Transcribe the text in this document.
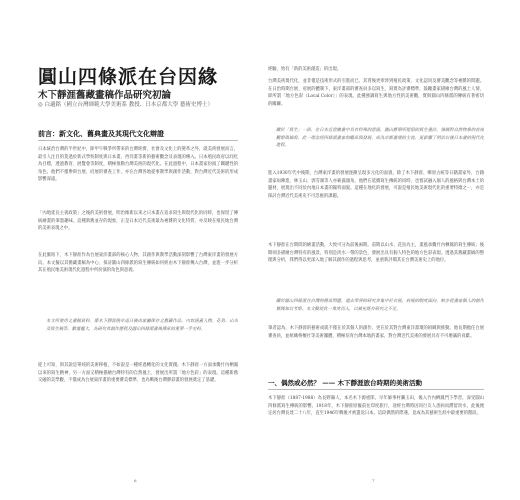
圓山四條派在台因緣
木下靜涯舊藏畫稿作品研究初論
◎ 白適銘（國立台灣師範大學美術系 教授、日本京都大學 藝術史博士）
前言：新文化、舊典畫及其現代文化辯證
日本統治台灣的半世紀中，除甲午戰爭所帶來的台灣經濟、社會及文化上的變革之外，就美術發展而言，最引人注目的莫過於新式學校制度與日本畫、西洋畫等新的藝術觀念及表現的傳入。日本殖民政府以同化為目標，透過教育、展覽會等制度，積極推動台灣美術的現代化。在此過程中，日本畫家扮演了關鍵性的角色，他們不僅參與台展、府展的審查工作，亦在台灣各地從事教學與創作活動，對台灣近代美術的形成影響深遠。
「內地延長主義政策」之後的美術發展，明治維新以來之日本畫在追求寫生與現代化的同時，也保留了傳統繪畫的筆墨趣味。這種新舊並存的現象，正是日本近代美術最為複雜的文化特質，亦反映在殖民地台灣的美術表現之中。
在此脈絡下，木下靜涯作為台展東洋畫部的核心人物，其創作與教學活動深刻影響了台灣東洋畫的發展方向。本文擬以其舊藏畫稿為中心，探討圓山四條派的寫生傳統如何經由木下靜涯傳入台灣，並進一步分析其在殖民地美術現代化過程中所扮演的角色與意義。
本文所使用之畫稿資料，係木下靜涯晚年返日後由家屬保存之舊藏作品，內容涵蓋人物、花鳥、山水及寫生稿等，數量龐大，為研究其創作歷程及圓山四條派畫風傳承的重要一手史料。
從上可知，與其說是單純的美術移植，不如說是一種經過轉化的文化實踐。木下靜涯一方面承襲竹內栖鳳以來的寫生精神，另一方面又積極描繪台灣特有的自然風土，發展出所謂「地方色彩」的表現。這種新舊交融的美學觀，不僅成為台展東洋畫的重要審美標準，也為戰後台灣膠彩畫的發展奠定了基礎。
6
經驗，始有「新的美術創造」的出現。
台灣美術現代化，並非僅是技術形式的引進而已，其背後更牽涉到殖民政策、文化認同及審美觀念等複雜的問題。在日治時期台展、府展的體制下，東洋畫部的審查員多以寫生、寫實為評審標準，鼓勵畫家描繪台灣的風土人情，即所謂「地方色彩（Local Color）」的表現。此種強調寫生與地方性的美術觀，實與圓山四條派的傳統有著密切的關聯。
關於「寫生」一語，在日本近世繪畫中具有特殊的意涵，圓山應舉所提倡的寫生畫法，強調對自然物象的直接觀察與描寫，此一理念經四條派畫家的繼承與發展，成為京都畫壇的主流，更影響了明治以後日本畫的現代化進程。
進入1930年代中後期，台灣東洋畫的發展逐漸呈現多元化的面貌，除了木下靜涯、鄉原古統等日籍畫家外，台籍畫家如陳進、林玉山、郭雪湖等人亦嶄露頭角，他們在延續寫生傳統的同時，也嘗試融入個人的風格與台灣本土的題材，展現出不同於內地日本畫的獨特面貌。這種在地化的發展，可說是殖民地美術現代化的重要特徵之一，亦是探討台灣近代美術史不可忽視的課題。
木下靜涯在台期間的繪畫活動，大致可分為前後兩期。前期以山水、花鳥為主，畫風承襲竹內栖鳳的寫生傳統；後期則多描繪台灣特有的風景，特別是淡水一帶的景色，發展出具有個人特色的地方色彩表現。透過其舊藏畫稿的整理與分析，我們得以更深入地了解其創作的過程與思考，並重新評價其在台灣美術史上的地位。
關於圓山四條派在台灣的傳承問題，過去學界的研究多集中於台展、府展的制度面向，較少從畫家個人的創作實踐加以考察。本文擬從此一角度切入，以補充既有研究之不足。
筆者認為，木下靜涯的藝術成就不僅在於其個人的創作，更在於其對台灣東洋畫壇的組織與推動。他長期擔任台展審查員，並組織栴檀社等美術團體，積極培育台灣本地的畫家，對台灣近代美術的發展具有不可磨滅的貢獻。
一、偶然或必然？ —— 木下靜涯旅台時期的美術活動
木下靜涯（1887-1988）為長野縣人，本名木下源重郎，早年師事村瀨玉田，後入竹內栖鳳門下學習，深受圓山四條派寫生傳統的影響。1918年，木下靜涯原擬前往印度旅行，途經台灣時因同行友人患病而滯留淡水，此後便定居台灣長達二十八年，直至1946年戰後才被遣返日本。這段偶然的際遇，竟成為其藝術生涯中最重要的階段。
7
